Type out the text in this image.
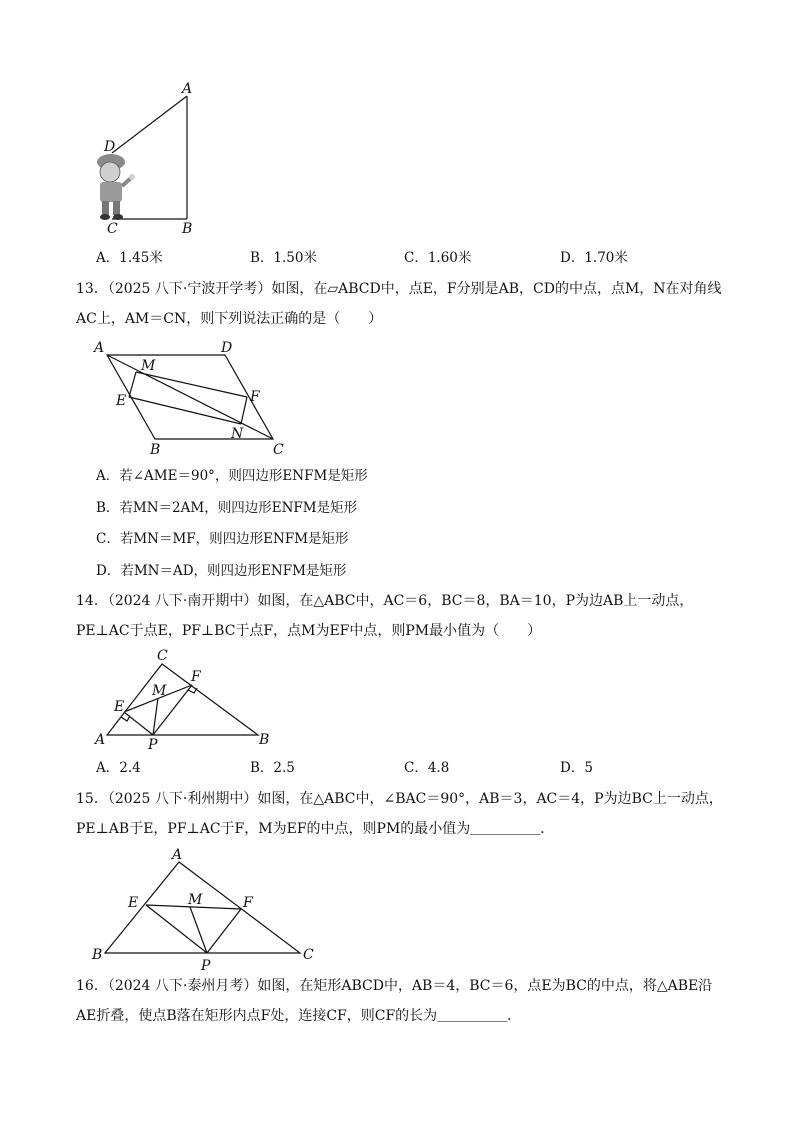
A
D
C	B
A．1.45米	B．1.50米	C．1.60米	D．1.70米
13．（2025 八下·宁波开学考）如图，在▱ABCD中，点E，F分别是AB，CD的中点，点M，N在对角线
AC上，AM＝CN，则下列说法正确的是（　　）
A	D
M
E	F
N
B	C
A．若∠AME＝90°，则四边形ENFM是矩形
B．若MN＝2AM，则四边形ENFM是矩形
C．若MN＝MF，则四边形ENFM是矩形
D．若MN＝AD，则四边形ENFM是矩形
14．（2024 八下·南开期中）如图，在△ABC中，AC＝6，BC＝8，BA＝10，P为边AB上一动点，
PE⊥AC于点E，PF⊥BC于点F，点M为EF中点，则PM最小值为（　　）
C
F
M
E
A	P	B
A．2.4	B．2.5	C．4.8	D．5
15．（2025 八下·利州期中）如图，在△ABC中，∠BAC＝90°，AB＝3，AC＝4，P为边BC上一动点，
PE⊥AB于E，PF⊥AC于F，M为EF的中点，则PM的最小值为＿＿＿＿＿．
A
E	M	F
B
P
C
16．（2024 八下·泰州月考）如图，在矩形ABCD中，AB＝4，BC＝6，点E为BC的中点，将△ABE沿
AE折叠，使点B落在矩形内点F处，连接CF，则CF的长为＿＿＿＿＿．
